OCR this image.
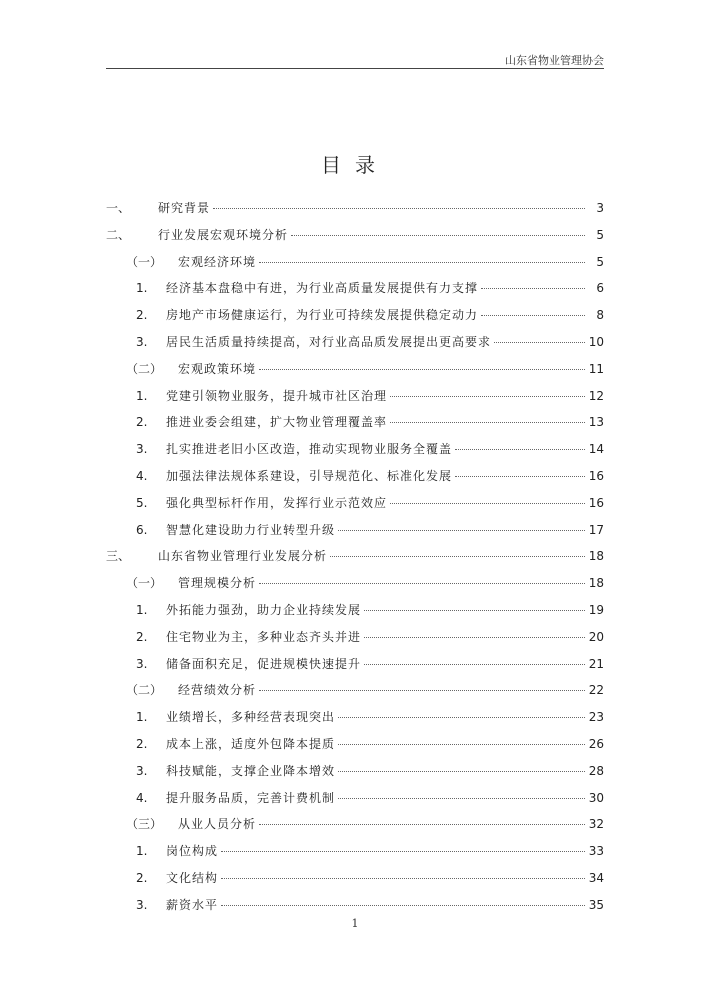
山东省物业管理协会
目录
一、	研究背景	3
二、	行业发展宏观环境分析	5
（一）	宏观经济环境	5
1.	经济基本盘稳中有进，为行业高质量发展提供有力支撑	6
2.	房地产市场健康运行，为行业可持续发展提供稳定动力	8
3.	居民生活质量持续提高，对行业高品质发展提出更高要求	10
（二）	宏观政策环境	11
1.	党建引领物业服务，提升城市社区治理	12
2.	推进业委会组建，扩大物业管理覆盖率	13
3.	扎实推进老旧小区改造，推动实现物业服务全覆盖	14
4.	加强法律法规体系建设，引导规范化、标准化发展	16
5.	强化典型标杆作用，发挥行业示范效应	16
6.	智慧化建设助力行业转型升级	17
三、	山东省物业管理行业发展分析	18
（一）	管理规模分析	18
1.	外拓能力强劲，助力企业持续发展	19
2.	住宅物业为主，多种业态齐头并进	20
3.	储备面积充足，促进规模快速提升	21
（二）	经营绩效分析	22
1.	业绩增长，多种经营表现突出	23
2.	成本上涨，适度外包降本提质	26
3.	科技赋能，支撑企业降本增效	28
4.	提升服务品质，完善计费机制	30
（三）	从业人员分析	32
1.	岗位构成	33
2.	文化结构	34
3.	薪资水平	35
1
